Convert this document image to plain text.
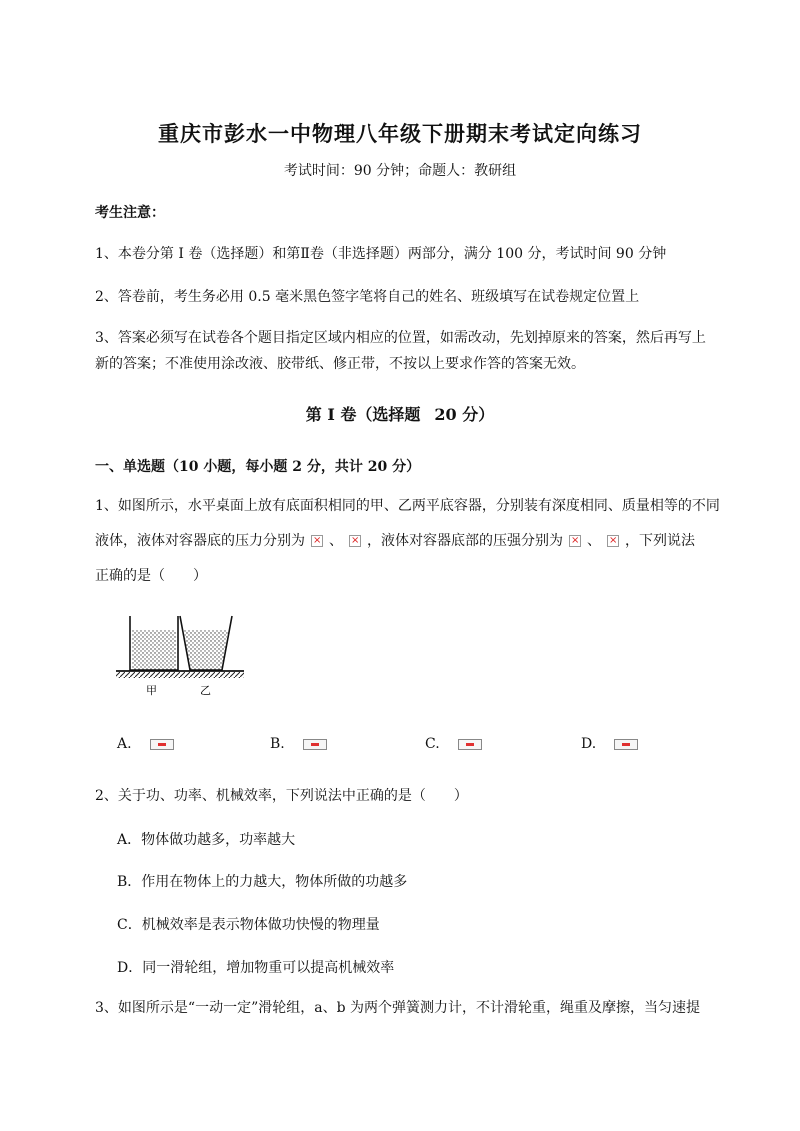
重庆市彭水一中物理八年级下册期末考试定向练习
考试时间：90 分钟；命题人：教研组
考生注意：
1、本卷分第 I 卷（选择题）和第Ⅱ卷（非选择题）两部分，满分 100 分，考试时间 90 分钟
2、答卷前，考生务必用 0.5 毫米黑色签字笔将自己的姓名、班级填写在试卷规定位置上
3、答案必须写在试卷各个题目指定区域内相应的位置，如需改动，先划掉原来的答案，然后再写上新的答案；不准使用涂改液、胶带纸、修正带，不按以上要求作答的答案无效。
第 I 卷（选择题 20 分）
一、单选题（10 小题，每小题 2 分，共计 20 分）
1、如图所示，水平桌面上放有底面积相同的甲、乙两平底容器，分别装有深度相同、质量相等的不同
液体，液体对容器底的压力分别为 × 、 × ，液体对容器底部的压强分别为 × 、 × ，下列说法
正确的是（　　）
甲	乙
A.	B.	C.	D.
2、关于功、功率、机械效率，下列说法中正确的是（　　）
A．物体做功越多，功率越大
B．作用在物体上的力越大，物体所做的功越多
C．机械效率是表示物体做功快慢的物理量
D．同一滑轮组，增加物重可以提高机械效率
3、如图所示是“一动一定”滑轮组，a、b 为两个弹簧测力计，不计滑轮重，绳重及摩擦，当匀速提
